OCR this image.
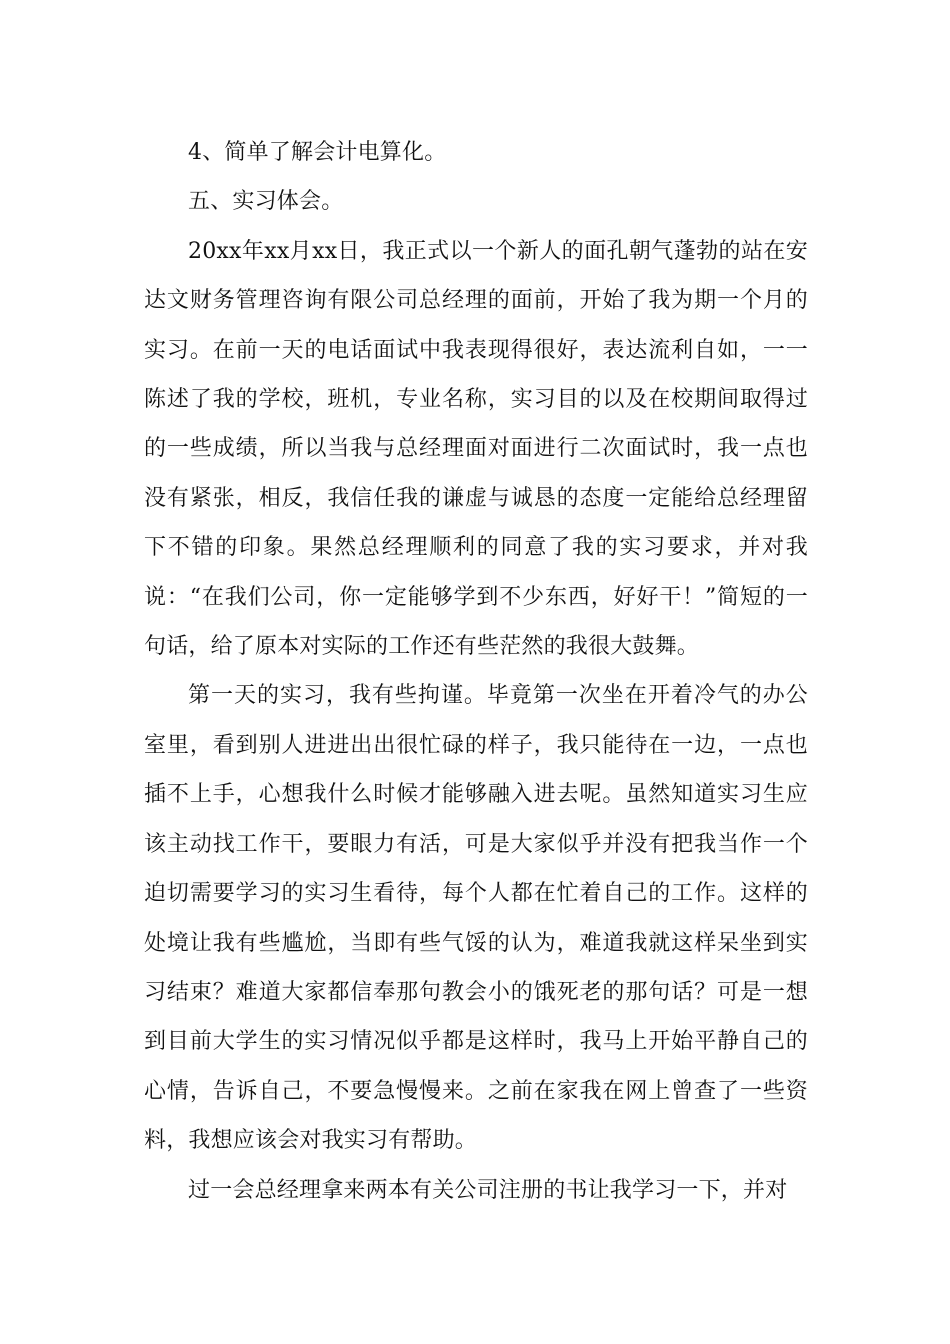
4、简单了解会计电算化。

五、实习体会。

20xx年xx月xx日，我正式以一个新人的面孔朝气蓬勃的站在安达文财务管理咨询有限公司总经理的面前，开始了我为期一个月的实习。在前一天的电话面试中我表现得很好，表达流利自如，一一陈述了我的学校，班机，专业名称，实习目的以及在校期间取得过的一些成绩，所以当我与总经理面对面进行二次面试时，我一点也没有紧张，相反，我信任我的谦虚与诚恳的态度一定能给总经理留下不错的印象。果然总经理顺利的同意了我的实习要求，并对我说：“在我们公司，你一定能够学到不少东西，好好干！”简短的一句话，给了原本对实际的工作还有些茫然的我很大鼓舞。

第一天的实习，我有些拘谨。毕竟第一次坐在开着冷气的办公室里，看到别人进进出出很忙碌的样子，我只能待在一边，一点也插不上手，心想我什么时候才能够融入进去呢。虽然知道实习生应该主动找工作干，要眼力有活，可是大家似乎并没有把我当作一个迫切需要学习的实习生看待，每个人都在忙着自己的工作。这样的处境让我有些尴尬，当即有些气馁的认为，难道我就这样呆坐到实习结束？难道大家都信奉那句教会小的饿死老的那句话？可是一想到目前大学生的实习情况似乎都是这样时，我马上开始平静自己的心情，告诉自己，不要急慢慢来。之前在家我在网上曾查了一些资料，我想应该会对我实习有帮助。

过一会总经理拿来两本有关公司注册的书让我学习一下，并对
